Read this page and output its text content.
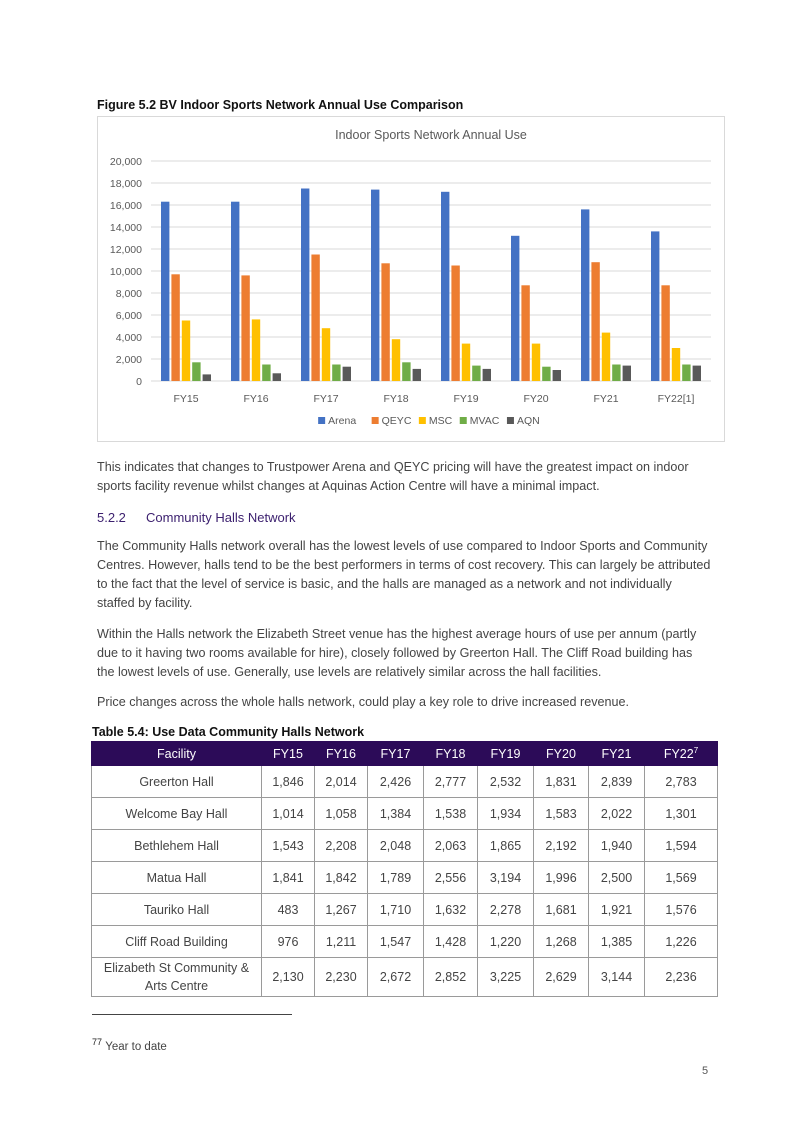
Figure 5.2 BV Indoor Sports Network Annual Use Comparison
Indoor Sports Network Annual Use
0
2,000
4,000
6,000
8,000
10,000
12,000
14,000
16,000
18,000
20,000
FY15	FY16	FY17	FY18	FY19	FY20	FY21	FY22[1]
Arena QEYC MSC MVAC AQN
This indicates that changes to Trustpower Arena and QEYC pricing will have the greatest impact on indoor sports facility revenue whilst changes at Aquinas Action Centre will have a minimal impact.
5.2.2 Community Halls Network
The Community Halls network overall has the lowest levels of use compared to Indoor Sports and Community Centres. However, halls tend to be the best performers in terms of cost recovery. This can largely be attributed to the fact that the level of service is basic, and the halls are managed as a network and not individually staffed by facility.
Within the Halls network the Elizabeth Street venue has the highest average hours of use per annum (partly due to it having two rooms available for hire), closely followed by Greerton Hall. The Cliff Road building has the lowest levels of use. Generally, use levels are relatively similar across the hall facilities.
Price changes across the whole halls network, could play a key role to drive increased revenue.
Table 5.4: Use Data Community Halls Network
Facility	FY15	FY16	FY17	FY18	FY19	FY20	FY21	$FY22^7$
Greerton Hall	1,846	2,014	2,426	2,777	2,532	1,831	2,839	2,783
Welcome Bay Hall	1,014	1,058	1,384	1,538	1,934	1,583	2,022	1,301
Bethlehem Hall	1,543	2,208	2,048	2,063	1,865	2,192	1,940	1,594
Matua Hall	1,841	1,842	1,789	2,556	3,194	1,996	2,500	1,569
Tauriko Hall	483	1,267	1,710	1,632	2,278	1,681	1,921	1,576
Cliff Road Building	976	1,211	1,547	1,428	1,220	1,268	1,385	1,226
Elizabeth St Community & Arts Centre	2,130	2,230	2,672	2,852	3,225	2,629	3,144	2,236
$^{77}$ Year to date
5
